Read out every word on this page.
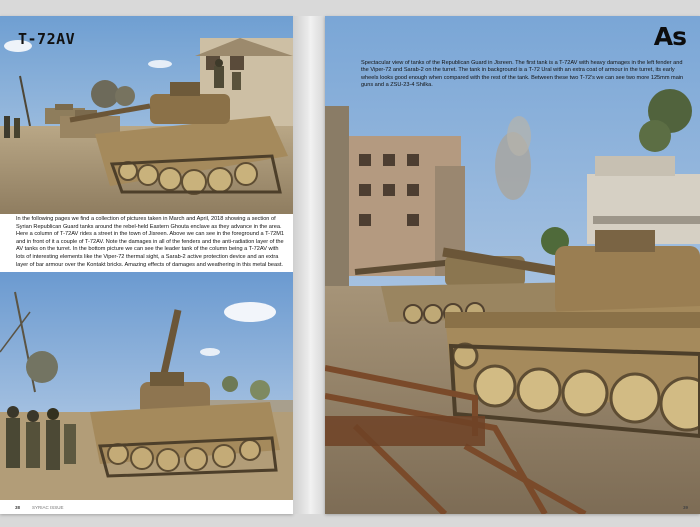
T-72AV

In the following pages we find a collection of pictures taken in March and April, 2018 showing a section of Syrian Republican Guard tanks around the rebel-held Eastern Ghouta enclave as they advance in the area. Here a column of T-72AV rides a street in the town of Jisreen. Above we can see in the foreground a T-72M1 and in front of it a couple of T-72AV. Note the damages in all of the fenders and the anti-radiation layer of the AV tanks on the turret. In the bottom picture we can see the leader tank of the column being a T-72AV with lots of interesting elements like the Viper-72 thermal sight, a Sarab-2 active protection device and an extra layer of bar armour over the Kontakt bricks. Amazing effects of damages and weathering in this metal beast.

38	SYRIAC ISSUE

Spectacular view of tanks of the Republican Guard in Jisreen. The first tank is a T-72AV with heavy damages in the left fender and the Viper-72 and Sarab-2 on the turret. The tank in background is a T-72 Ural with an extra coat of armour in the turret, its early wheels looks good enough when compared with the rest of the tank. Between these two T-72's we can see two more 125mm main guns and a ZSU-23-4 Shilka.

As
39
